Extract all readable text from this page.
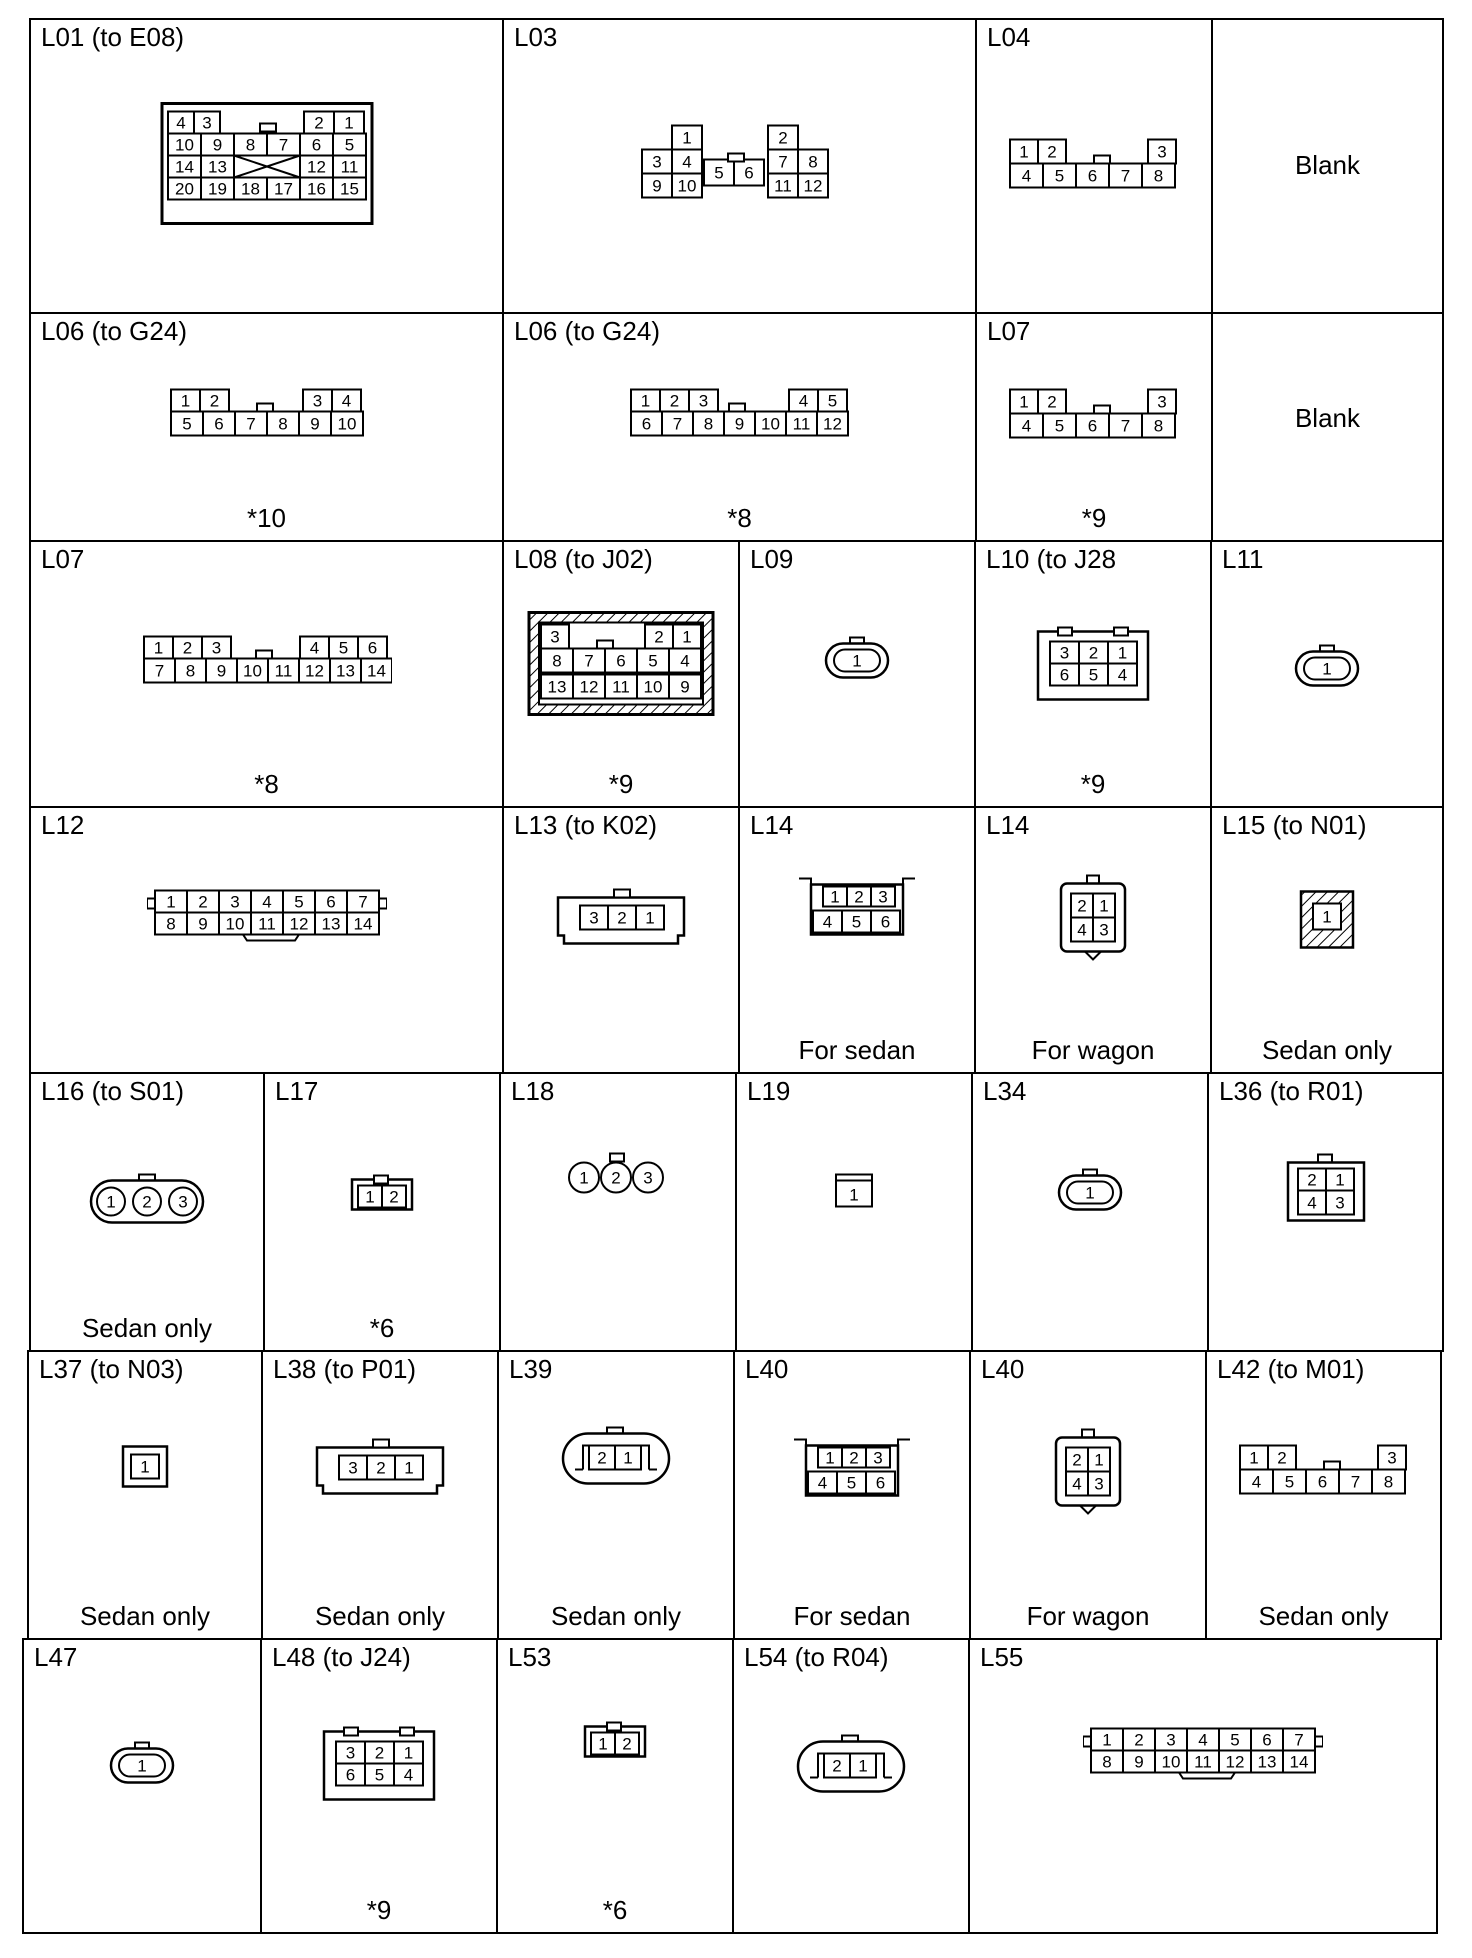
L01 (to E08)
4 3	2 1
10 9 8 7 6 5
14 13	12 11
20 19 18 17 16 15
L03
1	2
3 4	7 8
9 10	11 12
5 6
L04
1 2	3
4 5 6 7 8	Blank
L06 (to G24)
1 2	3 4
5 6 7 8 9 10
*10
L06 (to G24)
1 2 3	4 5
6 7 8 9 10 11 12
*8
L07
1 2	3
4 5 6 7 8
*9
Blank
L07
1 2 3	4 5 6
7 8 9 10 11 12 13 14
*8
L08 (to J02)
3	2 1
8 7 6 5 4
13 12 11 10 9
*9
L09
1
L10 (to J28
3 2 1
6 5 4
*9
L11
1
L12
1 2 3 4 5 6 7
8 9 10 11 12 13 14
L13 (to K02)
3 2 1
L14
1 2 3
4 5 6
For sedan
L14
2 1
4 3
For wagon
L15 (to N01)
1
Sedan only
L16 (to S01)
1 2 3
Sedan only
L17
1 2
*6
L18
1 2 3
L19
1
L34
1
L36 (to R01)
2 1
4 3
L37 (to N03)
1
Sedan only
L38 (to P01)
3 2 1
Sedan only
L39
2 1
Sedan only
L40
1 2 3
4 5 6
For sedan
L40
2 1
4 3
For wagon
L42 (to M01)
1 2	3
4 5 6 7 8
Sedan only
L47
1
L48 (to J24)
3 2 1
6 5 4
*9
L53
1 2
*6
L54 (to R04)
2 1
L55
1 2 3 4 5 6 7
8 9 10 11 12 13 14
